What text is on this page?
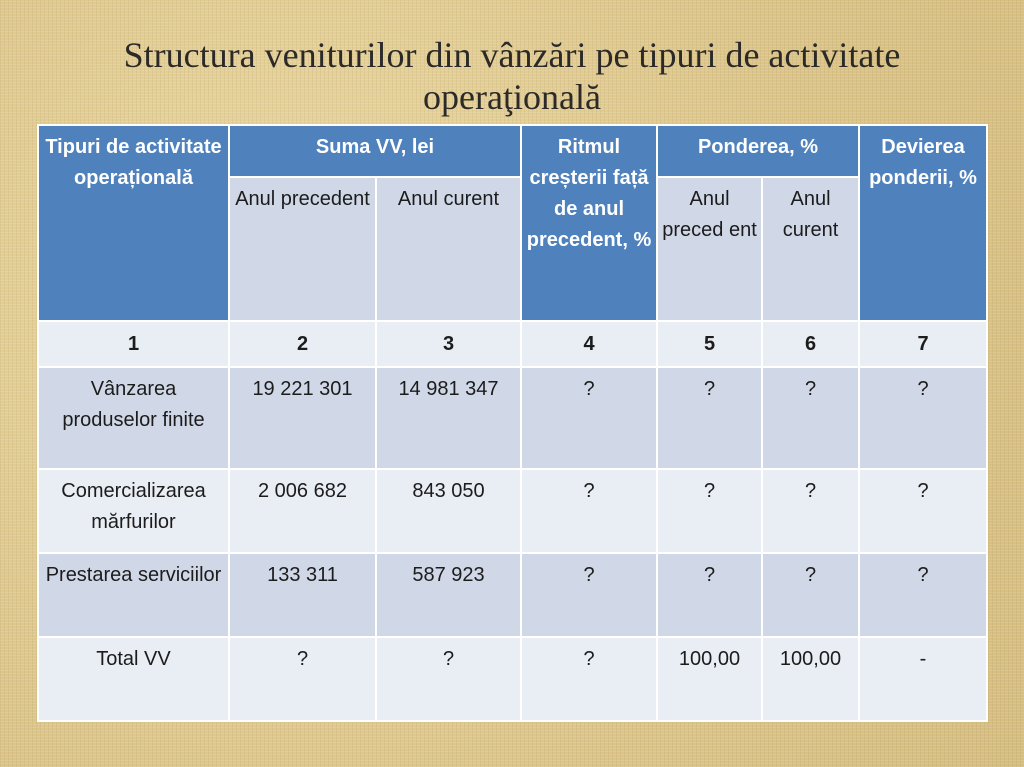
Structura veniturilor din vânzări pe tipuri de activitate operaţională
Tipuri de activitate operațională	Suma VV, lei		Ritmul creșterii față de anul precedent, %	Ponderea, %		Devierea ponderii, %
	Anul precedent	Anul curent		Anul preced ent	Anul curent	
1	2	3	4	5	6	7
Vânzarea produselor finite	19 221 301	14 981 347	?	?	?	?
Comercializarea mărfurilor	2 006 682	843 050	?	?	?	?
Prestarea serviciilor	133 311	587 923	?	?	?	?
Total VV	?	?	?	100,00	100,00	-
